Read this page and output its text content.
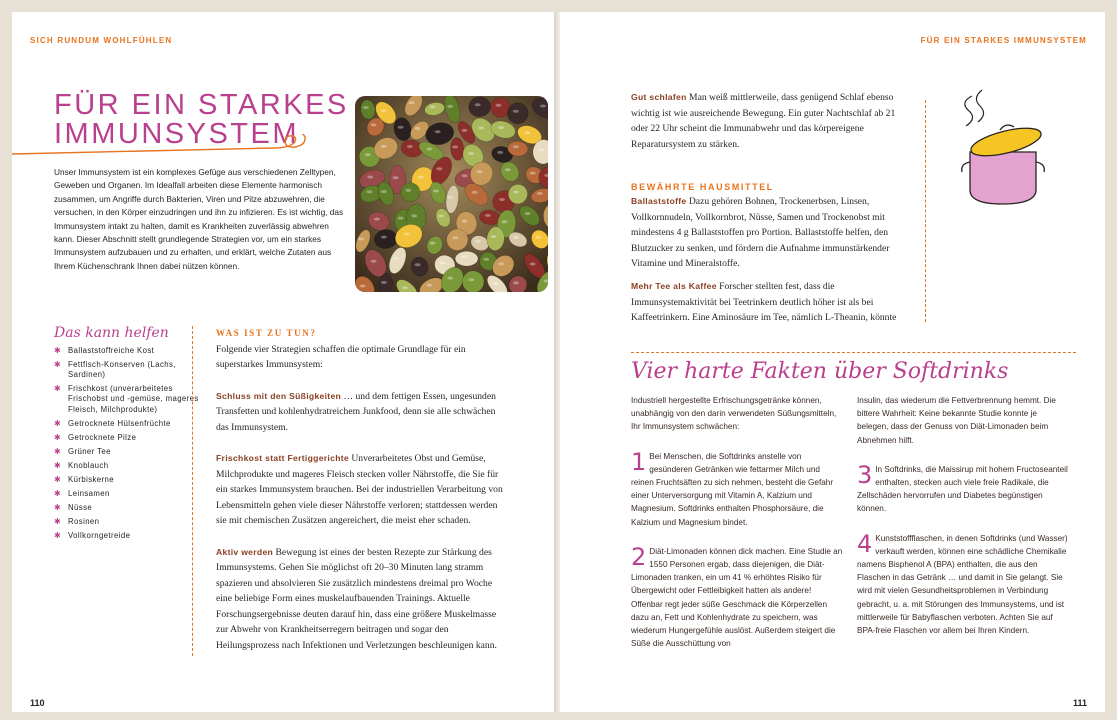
SICH RUNDUM WOHLFÜHLEN
FÜR EIN STARKES
IMMUNSYSTEM
Unser Immunsystem ist ein komplexes Gefüge aus verschiedenen Zelltypen, Geweben und Organen. Im Idealfall arbeiten diese Elemente harmonisch zusammen, um Angriffe durch Bakterien, Viren und Pilze abzuwehren, die versuchen, in den Körper einzudringen und ihn zu infizieren. Es ist wichtig, das Immunsystem intakt zu halten, damit es Krankheiten zuverlässig abwehren kann. Dieser Abschnitt stellt grundlegende Strategien vor, um ein starkes Immunsystem aufzubauen und zu erhalten, und erklärt, welche Zutaten aus Ihrem Küchenschrank Ihnen dabei nützen können.
Das kann helfen
✱ Ballaststoffreiche Kost
✱ Fettfisch-Konserven (Lachs, Sardinen)
✱ Frischkost (unverarbeitetes Frischobst und -gemüse, mageres Fleisch, Milchprodukte)
✱ Getrocknete Hülsenfrüchte
✱ Getrocknete Pilze
✱ Grüner Tee
✱ Knoblauch
✱ Kürbiskerne
✱ Leinsamen
✱ Nüsse
✱ Rosinen
✱ Vollkorngetreide
WAS IST ZU TUN?

Folgende vier Strategien schaffen die optimale Grundlage für ein superstarkes Immunsystem:

Schluss mit den Süßigkeiten … und dem fettigen Essen, ungesunden Transfetten und kohlenhydratreichem Junkfood, denn sie alle schwächen das Immunsystem.

Frischkost statt Fertiggerichte Unverarbeitetes Obst und Gemüse, Milchprodukte und mageres Fleisch stecken voller Nährstoffe, die Sie für ein starkes Immunsystem brauchen. Bei der industriellen Verarbeitung von Lebensmitteln gehen viele dieser Nährstoffe verloren; stattdessen werden sie mit chemischen Zusätzen angereichert, die meist eher schaden.

Aktiv werden Bewegung ist eines der besten Rezepte zur Stärkung des Immunsystems. Gehen Sie möglichst oft 20–30 Minuten lang stramm spazieren und absolvieren Sie zusätzlich mindestens dreimal pro Woche eine beliebige Form eines muskelaufbauenden Trainings. Aktuelle Forschungsergebnisse deuten darauf hin, dass eine größere Muskelmasse zur Abwehr von Krankheitserregern beitragen und sogar den Heilungsprozess nach Infektionen und Verletzungen beschleunigen kann.

110
FÜR EIN STARKES IMMUNSYSTEM

Gut schlafen Man weiß mittlerweile, dass genügend Schlaf ebenso wichtig ist wie ausreichende Bewegung. Ein guter Nachtschlaf ab 21 oder 22 Uhr scheint die Immunabwehr und das körpereigene Reparatursystem zu stärken.

BEWÄHRTE HAUSMITTEL

Ballaststoffe Dazu gehören Bohnen, Trockenerbsen, Linsen, Vollkornnudeln, Vollkornbrot, Nüsse, Samen und Trockenobst mit mindestens 4 g Ballaststoffen pro Portion. Ballaststoffe helfen, den Blutzucker zu senken, und fördern die Aufnahme immunstärkender Vitamine und Mineralstoffe.

Mehr Tee als Kaffee Forscher stellten fest, dass die Immunsystemaktivität bei Teetrinkern deutlich höher ist als bei Kaffeetrinkern. Eine Aminosäure im Tee, nämlich L-Theanin, könnte

Vier harte Fakten über Softdrinks

Industriell hergestellte Erfrischungsgetränke können, unabhängig von den darin verwendeten Süßungsmitteln, Ihr Immunsystem schwächen:

1 Bei Menschen, die Softdrinks anstelle von gesünderen Getränken wie fettarmer Milch und reinen Fruchtsäften zu sich nehmen, besteht die Gefahr einer Unterversorgung mit Vitamin A, Kalzium und Magnesium. Softdrinks enthalten Phosphorsäure, die Kalzium und Magnesium bindet.

2 Diät-Limonaden können dick machen. Eine Studie an 1550 Personen ergab, dass diejenigen, die Diät-Limonaden tranken, ein um 41 % erhöhtes Risiko für Übergewicht oder Fettleibigkeit hatten als andere! Offenbar regt jeder süße Geschmack die Körperzellen dazu an, Fett und Kohlenhydrate zu speichern, was wiederum Hungergefühle auslöst. Außerdem steigert die Süße die Ausschüttung von

Insulin, das wiederum die Fettverbrennung hemmt. Die bittere Wahrheit: Keine bekannte Studie konnte je belegen, dass der Genuss von Diät-Limonaden beim Abnehmen hilft.

3 In Softdrinks, die Maissirup mit hohem Fructoseanteil enthalten, stecken auch viele freie Radikale, die Zellschäden hervorrufen und Diabetes begünstigen können.

4 Kunststoffflaschen, in denen Softdrinks (und Wasser) verkauft werden, können eine schädliche Chemikalie namens Bisphenol A (BPA) enthalten, die aus den Flaschen in das Getränk … und damit in Sie gelangt. Sie wird mit vielen Gesundheitsproblemen in Verbindung gebracht, u. a. mit Störungen des Immunsystems, und ist mittlerweile für Babyflaschen verboten. Achten Sie auf BPA-freie Flaschen vor allem bei Ihren Kindern.

111
